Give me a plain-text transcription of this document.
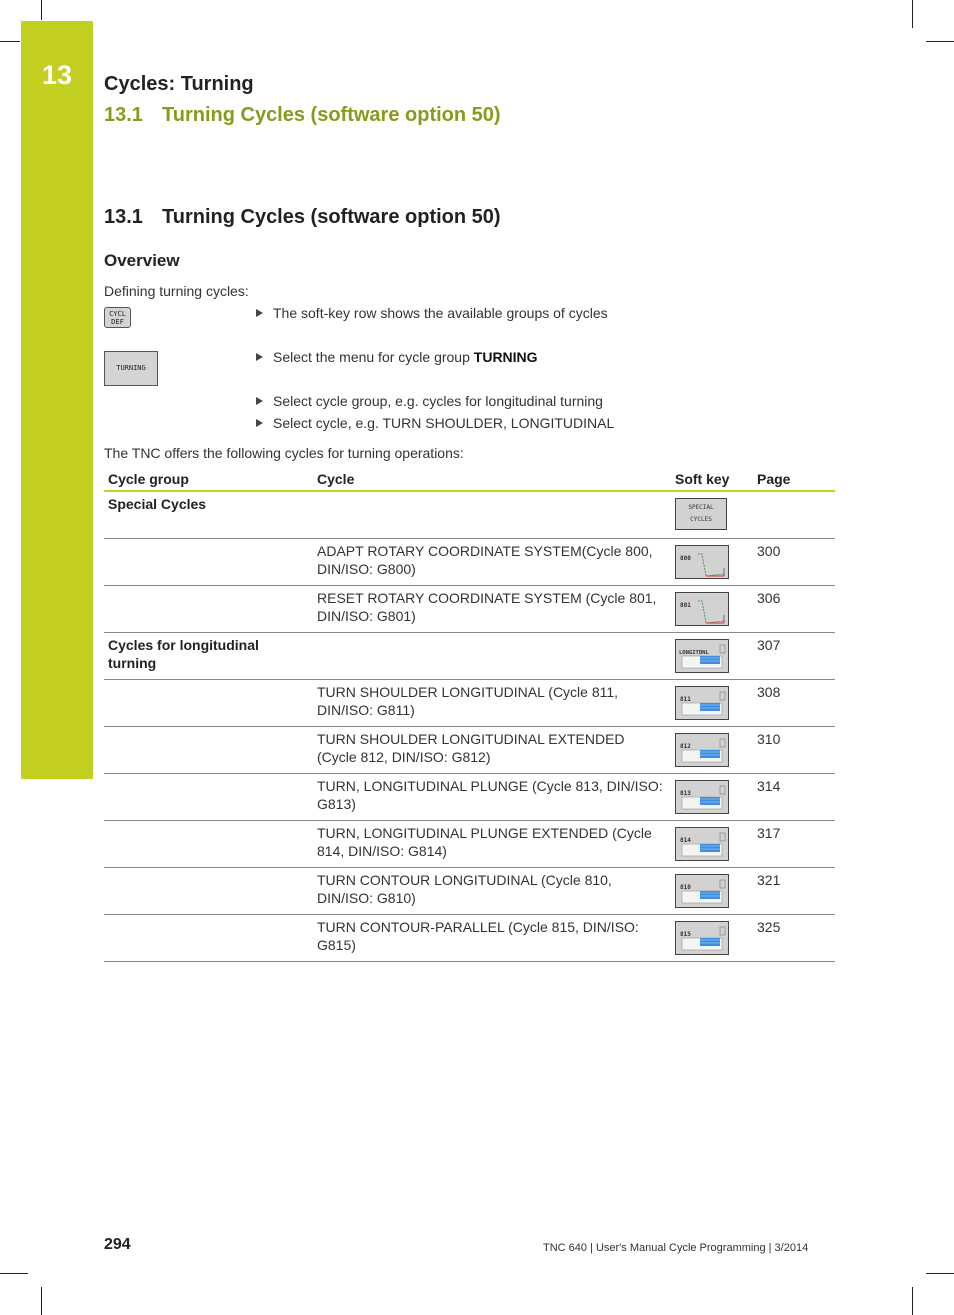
13	Cycles: Turning
13.1 Turning Cycles (software option 50)
13.1 Turning Cycles (software option 50)
Overview
Defining turning cycles:
CYCL
DEF
TURNING
The soft-key row shows the available groups of cycles
Select the menu for cycle group TURNING
Select cycle group, e.g. cycles for longitudinal turning
Select cycle, e.g. TURN SHOULDER, LONGITUDINAL
The TNC offers the following cycles for turning operations:
Cycle group	Cycle	Soft key	Page
Special Cycles		SPECIAL CYCLES	

	ADAPT ROTARY COORDINATE SYSTEM(Cycle 800, DIN/ISO: G800)	800	300
	RESET ROTARY COORDINATE SYSTEM (Cycle 801, DIN/ISO: G801)	801	306
Cycles for longitudinal turning		LONGITDNL	307
	TURN SHOULDER LONGITUDINAL (Cycle 811, DIN/ISO: G811)	811	308
	TURN SHOULDER LONGITUDINAL EXTENDED (Cycle 812, DIN/ISO: G812)	812	310
	TURN, LONGITUDINAL PLUNGE (Cycle 813, DIN/ISO: G813)	813	314
	TURN, LONGITUDINAL PLUNGE EXTENDED (Cycle 814, DIN/ISO: G814)	814	317
	TURN CONTOUR LONGITUDINAL (Cycle 810, DIN/ISO: G810)	810	321
	TURN CONTOUR-PARALLEL (Cycle 815, DIN/ISO: G815)	815	325
294	TNC 640 | User's Manual Cycle Programming | 3/2014
